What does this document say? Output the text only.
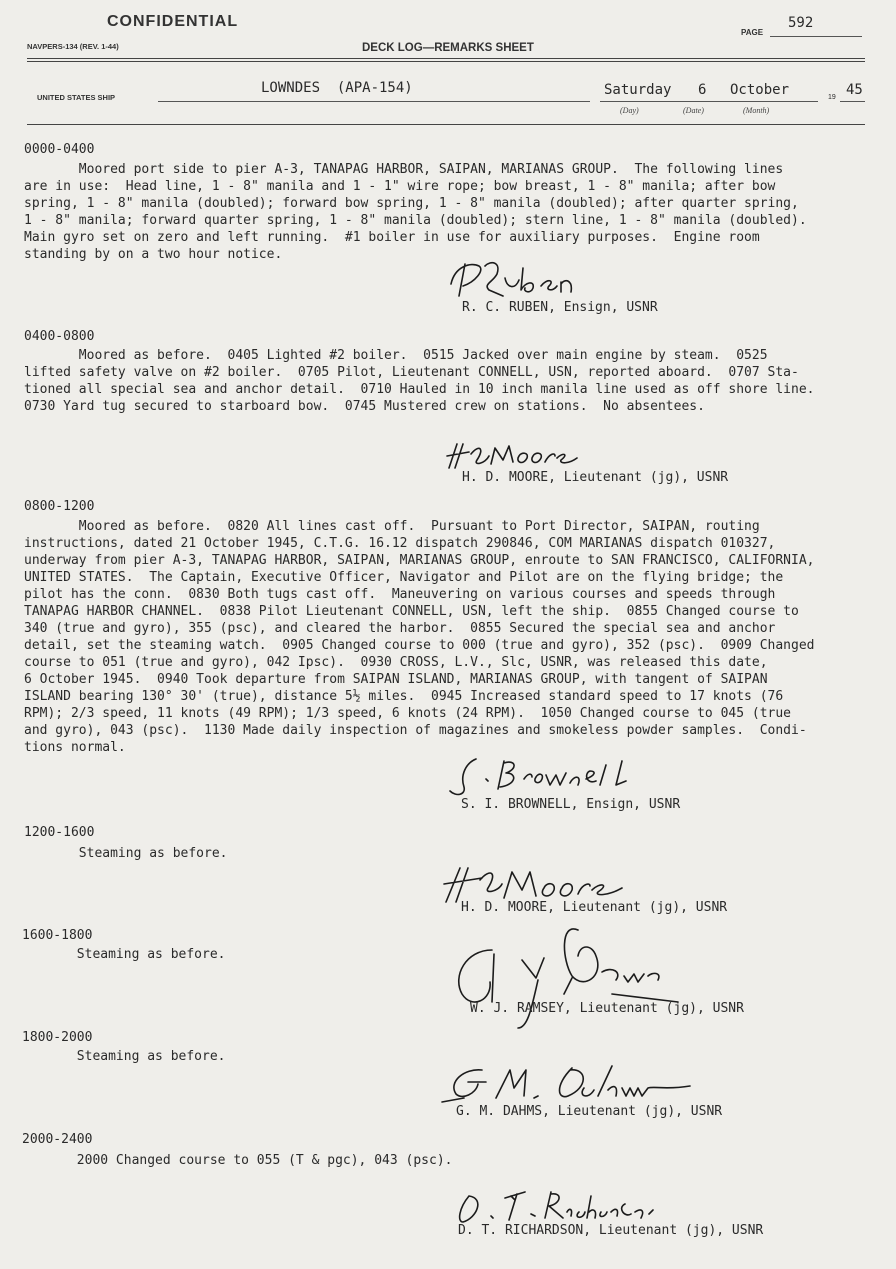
CONFIDENTIAL
NAVPERS-134 (REV. 1-44)	DECK LOG—REMARKS SHEET
PAGE
592
UNITED STATES SHIP
LOWNDES  (APA-154)	Saturday 6 October	19 45
(Day)	(Date)	(Month)
0000-0400
Moored port side to pier A-3, TANAPAG HARBOR, SAIPAN, MARIANAS GROUP.  The following lines
are in use:  Head line, 1 - 8" manila and 1 - 1" wire rope; bow breast, 1 - 8" manila; after bow
spring, 1 - 8" manila (doubled); forward bow spring, 1 - 8" manila (doubled); after quarter spring,
1 - 8" manila; forward quarter spring, 1 - 8" manila (doubled); stern line, 1 - 8" manila (doubled).
Main gyro set on zero and left running.  #1 boiler in use for auxiliary purposes.  Engine room
standing by on a two hour notice.
R. C. RUBEN, Ensign, USNR
0400-0800
Moored as before.  0405 Lighted #2 boiler.  0515 Jacked over main engine by steam.  0525
lifted safety valve on #2 boiler.  0705 Pilot, Lieutenant CONNELL, USN, reported aboard.  0707 Sta-
tioned all special sea and anchor detail.  0710 Hauled in 10 inch manila line used as off shore line.
0730 Yard tug secured to starboard bow.  0745 Mustered crew on stations.  No absentees.
H. D. MOORE, Lieutenant (jg), USNR
0800-1200
Moored as before.  0820 All lines cast off.  Pursuant to Port Director, SAIPAN, routing
instructions, dated 21 October 1945, C.T.G. 16.12 dispatch 290846, COM MARIANAS dispatch 010327,
underway from pier A-3, TANAPAG HARBOR, SAIPAN, MARIANAS GROUP, enroute to SAN FRANCISCO, CALIFORNIA,
UNITED STATES.  The Captain, Executive Officer, Navigator and Pilot are on the flying bridge; the
pilot has the conn.  0830 Both tugs cast off.  Maneuvering on various courses and speeds through
TANAPAG HARBOR CHANNEL.  0838 Pilot Lieutenant CONNELL, USN, left the ship.  0855 Changed course to
340 (true and gyro), 355 (psc), and cleared the harbor.  0855 Secured the special sea and anchor
detail, set the steaming watch.  0905 Changed course to 000 (true and gyro), 352 (psc).  0909 Changed
course to 051 (true and gyro), 042 Ipsc).  0930 CROSS, L.V., Slc, USNR, was released this date,
6 October 1945.  0940 Took departure from SAIPAN ISLAND, MARIANAS GROUP, with tangent of SAIPAN
ISLAND bearing 130° 30' (true), distance 5½ miles.  0945 Increased standard speed to 17 knots (76
RPM); 2/3 speed, 11 knots (49 RPM); 1/3 speed, 6 knots (24 RPM).  1050 Changed course to 045 (true
and gyro), 043 (psc).  1130 Made daily inspection of magazines and smokeless powder samples.  Condi-
tions normal.
S. I. BROWNELL, Ensign, USNR
1200-1600
Steaming as before.
H. D. MOORE, Lieutenant (jg), USNR
1600-1800
Steaming as before.
W. J. RAMSEY, Lieutenant (jg), USNR
1800-2000
Steaming as before.
G. M. DAHMS, Lieutenant (jg), USNR
2000-2400
2000 Changed course to 055 (T & pgc), 043 (psc).
D. T. RICHARDSON, Lieutenant (jg), USNR
